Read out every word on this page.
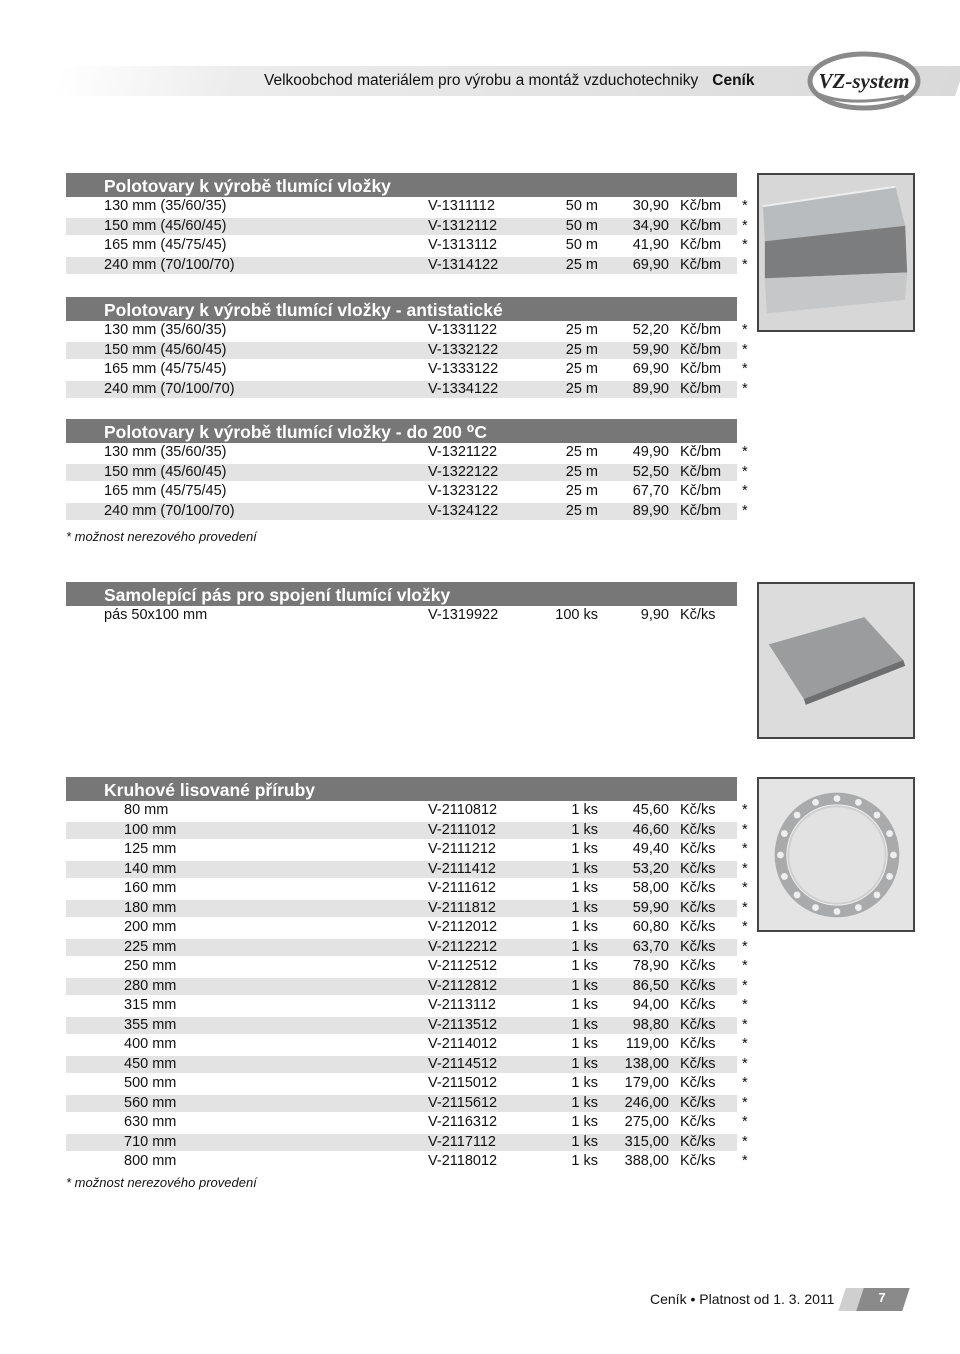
Velkoobchod materiálem pro výrobu a montáž vzduchotechniky Ceník	VZ-system
Polotovary k výrobě tlumící vložky
130 mm (35/60/35)	V-1311112	50 m 30,90 Kč/bm *
150 mm (45/60/45)	V-1312112	50 m 34,90 Kč/bm *
165 mm (45/75/45)	V-1313112	50 m 41,90 Kč/bm *
240 mm (70/100/70)	V-1314122	25 m 69,90 Kč/bm *
Polotovary k výrobě tlumící vložky - antistatické
130 mm (35/60/35)	V-1331122	25 m 52,20 Kč/bm *
150 mm (45/60/45)	V-1332122	25 m 59,90 Kč/bm *
165 mm (45/75/45)	V-1333122	25 m 69,90 Kč/bm *
240 mm (70/100/70)	V-1334122	25 m 89,90 Kč/bm *
Polotovary k výrobě tlumící vložky - do 200 ⁰C
130 mm (35/60/35)	V-1321122	25 m 49,90 Kč/bm *
150 mm (45/60/45)	V-1322122	25 m 52,50 Kč/bm *
165 mm (45/75/45)	V-1323122	25 m 67,70 Kč/bm *
240 mm (70/100/70)	V-1324122	25 m 89,90 Kč/bm *
* možnost nerezového provedení
Samolepící pás pro spojení tlumící vložky
pás 50x100 mm	V-1319922	100 ks	9,90 Kč/ks
Kruhové lisované příruby
80 mm	V-2110812	1 ks 45,60 Kč/ks *
100 mm	V-2111012	1 ks 46,60 Kč/ks *
125 mm	V-2111212	1 ks 49,40 Kč/ks *
140 mm	V-2111412	1 ks 53,20 Kč/ks *
160 mm	V-2111612	1 ks 58,00 Kč/ks *
180 mm	V-2111812	1 ks 59,90 Kč/ks *
200 mm	V-2112012	1 ks 60,80 Kč/ks *
225 mm	V-2112212	1 ks 63,70 Kč/ks *
250 mm	V-2112512	1 ks 78,90 Kč/ks *
280 mm	V-2112812	1 ks 86,50 Kč/ks *
315 mm	V-2113112	1 ks 94,00 Kč/ks *
355 mm	V-2113512	1 ks 98,80 Kč/ks *
400 mm	V-2114012	1 ks 119,00 Kč/ks *
450 mm	V-2114512	1 ks 138,00 Kč/ks *
500 mm	V-2115012	1 ks 179,00 Kč/ks *
560 mm	V-2115612	1 ks 246,00 Kč/ks *
630 mm	V-2116312	1 ks 275,00 Kč/ks *
710 mm	V-2117112	1 ks 315,00 Kč/ks *
800 mm	V-2118012	1 ks 388,00 Kč/ks *
* možnost nerezového provedení
Ceník • Platnost od 1. 3. 2011	7
